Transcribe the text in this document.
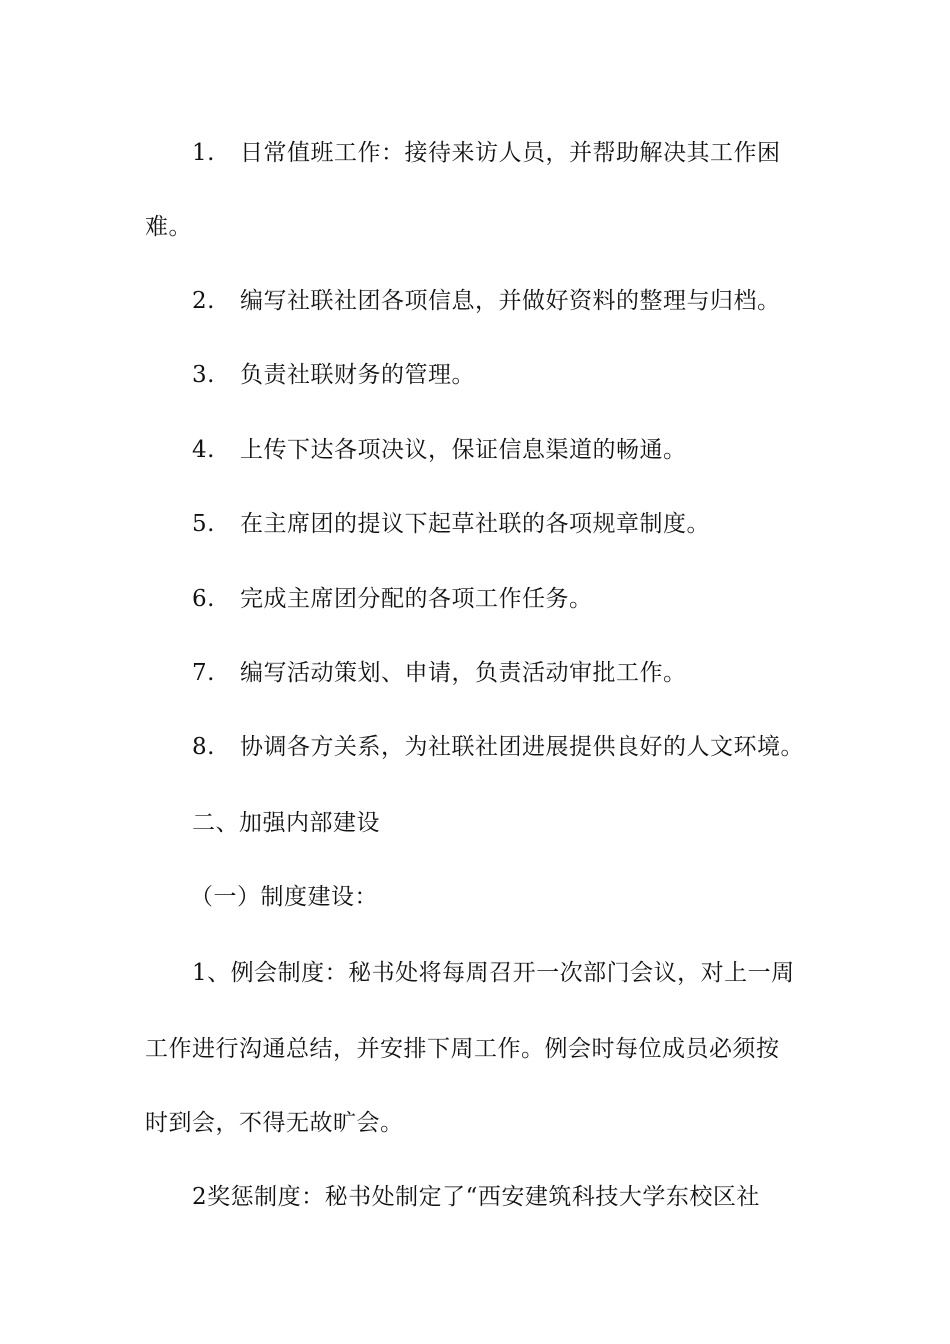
1. 日常值班工作：接待来访人员，并帮助解决其工作困
难。
2. 编写社联社团各项信息，并做好资料的整理与归档。
3. 负责社联财务的管理。
4. 上传下达各项决议，保证信息渠道的畅通。
5. 在主席团的提议下起草社联的各项规章制度。
6. 完成主席团分配的各项工作任务。
7. 编写活动策划、申请，负责活动审批工作。
8. 协调各方关系，为社联社团进展提供良好的人文环境。
二、加强内部建设
（一）制度建设：
1、例会制度：秘书处将每周召开一次部门会议，对上一周
工作进行沟通总结，并安排下周工作。例会时每位成员必须按
时到会，不得无故旷会。
2奖惩制度：秘书处制定了“西安建筑科技大学东校区社
